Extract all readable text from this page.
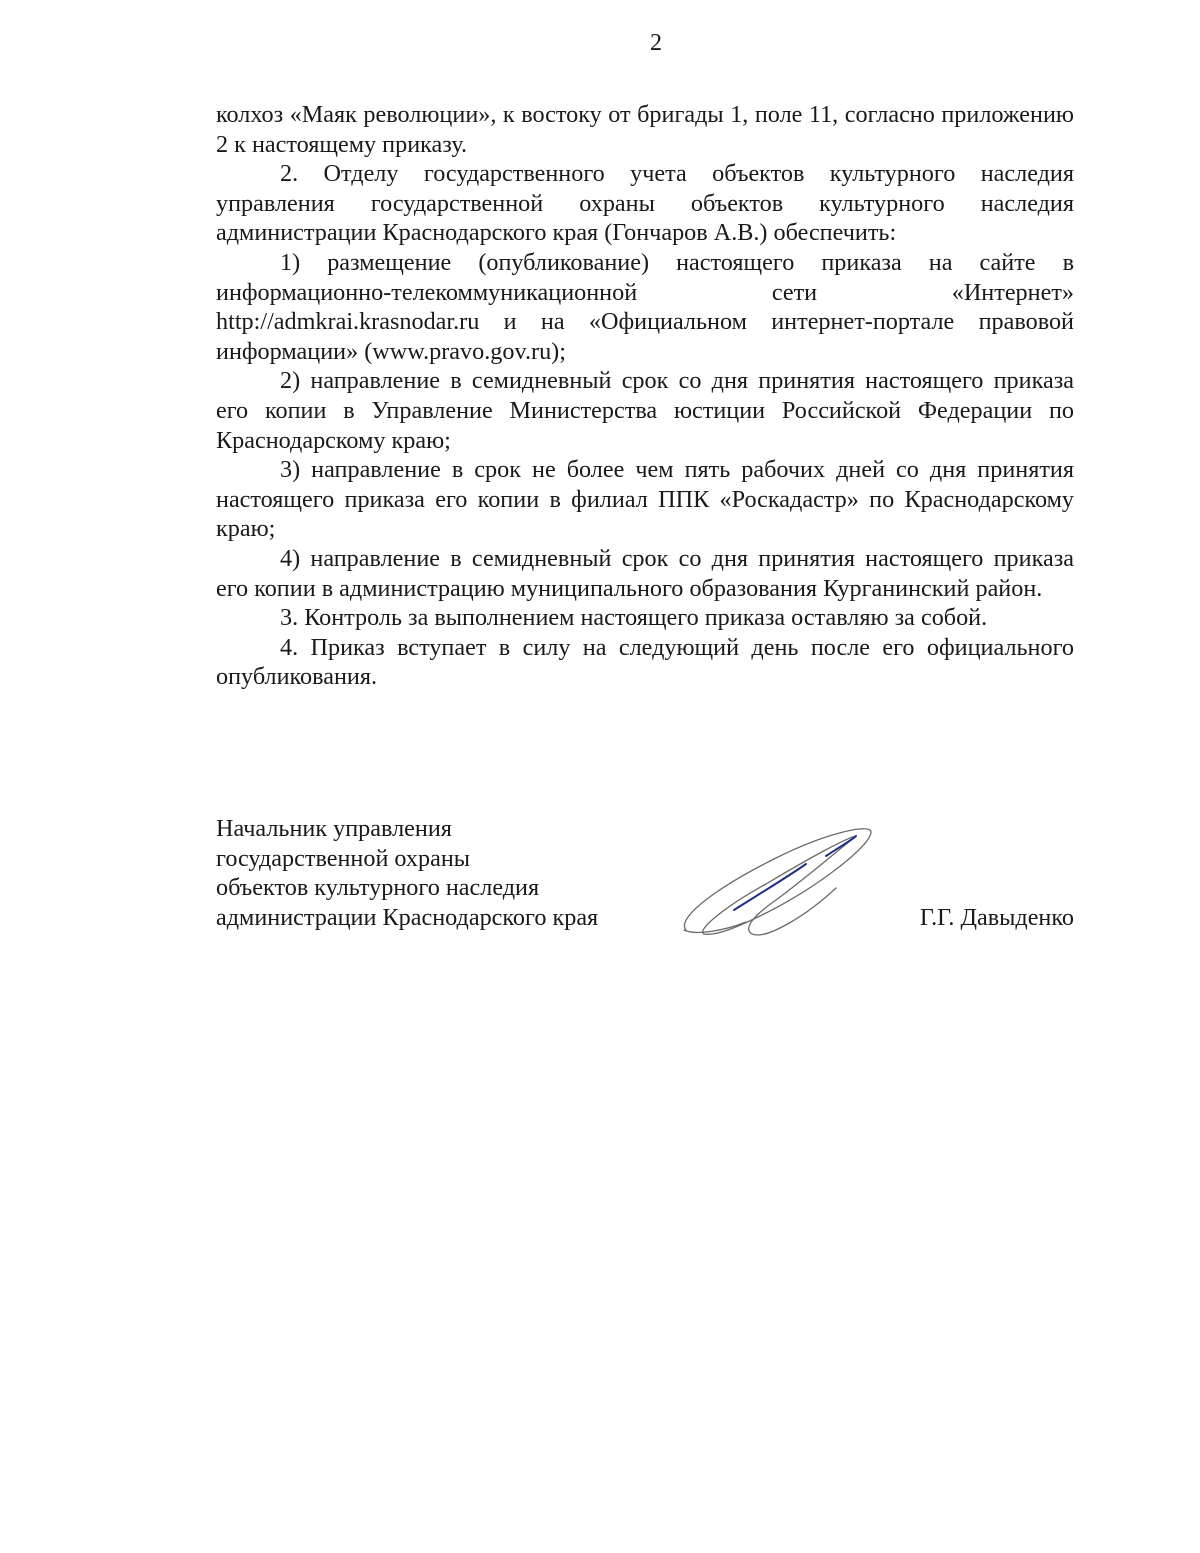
2

колхоз «Маяк революции», к востоку от бригады 1, поле 11, согласно приложению 2 к настоящему приказу.

2. Отделу государственного учета объектов культурного наследия управления государственной охраны объектов культурного наследия администрации Краснодарского края (Гончаров А.В.) обеспечить:

1) размещение (опубликование) настоящего приказа на сайте в информационно-телекоммуникационной сети «Интернет» http://admkrai.krasnodar.ru и на «Официальном интернет-портале правовой информации» (www.pravo.gov.ru);

2) направление в семидневный срок со дня принятия настоящего приказа его копии в Управление Министерства юстиции Российской Федерации по Краснодарскому краю;

3) направление в срок не более чем пять рабочих дней со дня принятия настоящего приказа его копии в филиал ППК «Роскадастр» по Краснодарскому краю;

4) направление в семидневный срок со дня принятия настоящего приказа его копии в администрацию муниципального образования Курганинский район.

3. Контроль за выполнением настоящего приказа оставляю за собой.

4. Приказ вступает в силу на следующий день после его официального опубликования.

Начальник управления
государственной охраны
объектов культурного наследия
администрации Краснодарского края	Г.Г. Давыденко
